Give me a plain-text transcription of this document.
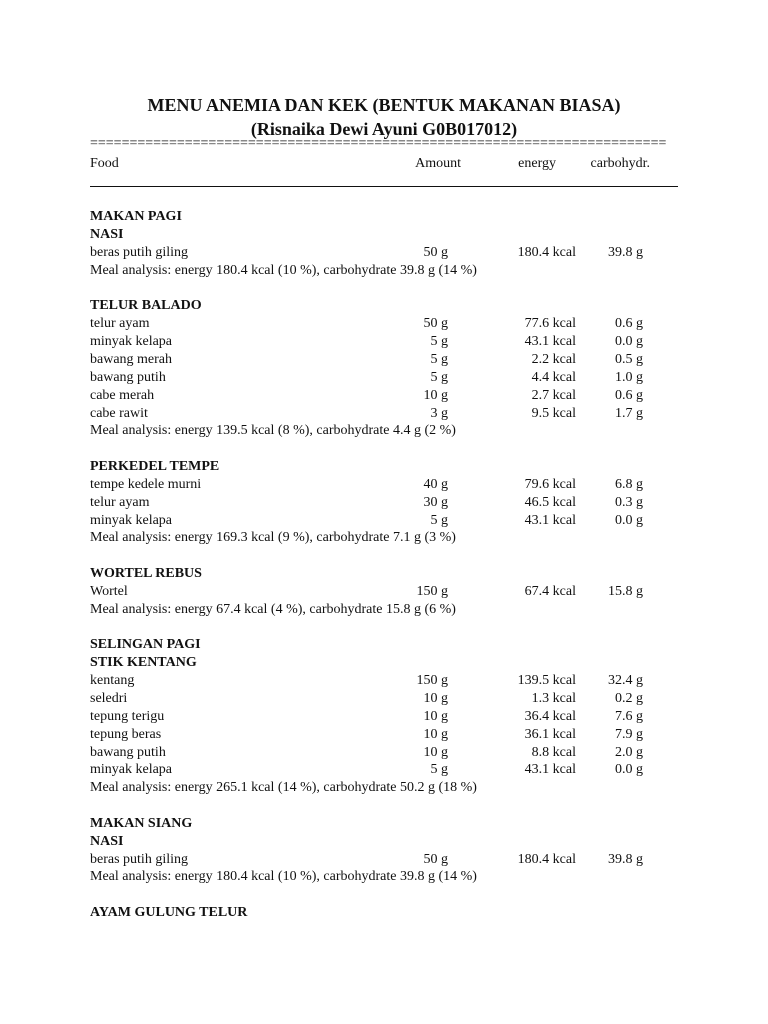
MENU ANEMIA DAN KEK (BENTUK MAKANAN BIASA)
(Risnaika Dewi Ayuni G0B017012)
=========================================================================
Food	Amount	energy carbohydr.
MAKAN PAGI
NASI
beras putih giling	50 g	180.4 kcal 39.8 g
Meal analysis: energy 180.4 kcal (10 %), carbohydrate 39.8 g (14 %)
TELUR BALADO
telur ayam	50 g	77.6 kcal	0.6 g
minyak kelapa	5 g	43.1 kcal	0.0 g
bawang merah	5 g	2.2 kcal	0.5 g
bawang putih	5 g	4.4 kcal	1.0 g
cabe merah	10 g	2.7 kcal	0.6 g
cabe rawit	3 g	9.5 kcal	1.7 g
Meal analysis: energy 139.5 kcal (8 %), carbohydrate 4.4 g (2 %)
PERKEDEL TEMPE
tempe kedele murni	40 g	79.6 kcal	6.8 g
telur ayam	30 g	46.5 kcal	0.3 g
minyak kelapa	5 g	43.1 kcal	0.0 g
Meal analysis: energy 169.3 kcal (9 %), carbohydrate 7.1 g (3 %)
WORTEL REBUS
Wortel	150 g	67.4 kcal 15.8 g
Meal analysis: energy 67.4 kcal (4 %), carbohydrate 15.8 g (6 %)
SELINGAN PAGI
STIK KENTANG
kentang	150 g	139.5 kcal 32.4 g
seledri	10 g	1.3 kcal	0.2 g
tepung terigu	10 g	36.4 kcal	7.6 g
tepung beras	10 g	36.1 kcal	7.9 g
bawang putih	10 g	8.8 kcal	2.0 g
minyak kelapa	5 g	43.1 kcal	0.0 g
Meal analysis: energy 265.1 kcal (14 %), carbohydrate 50.2 g (18 %)
MAKAN SIANG
NASI
beras putih giling	50 g	180.4 kcal 39.8 g
Meal analysis: energy 180.4 kcal (10 %), carbohydrate 39.8 g (14 %)
AYAM GULUNG TELUR
